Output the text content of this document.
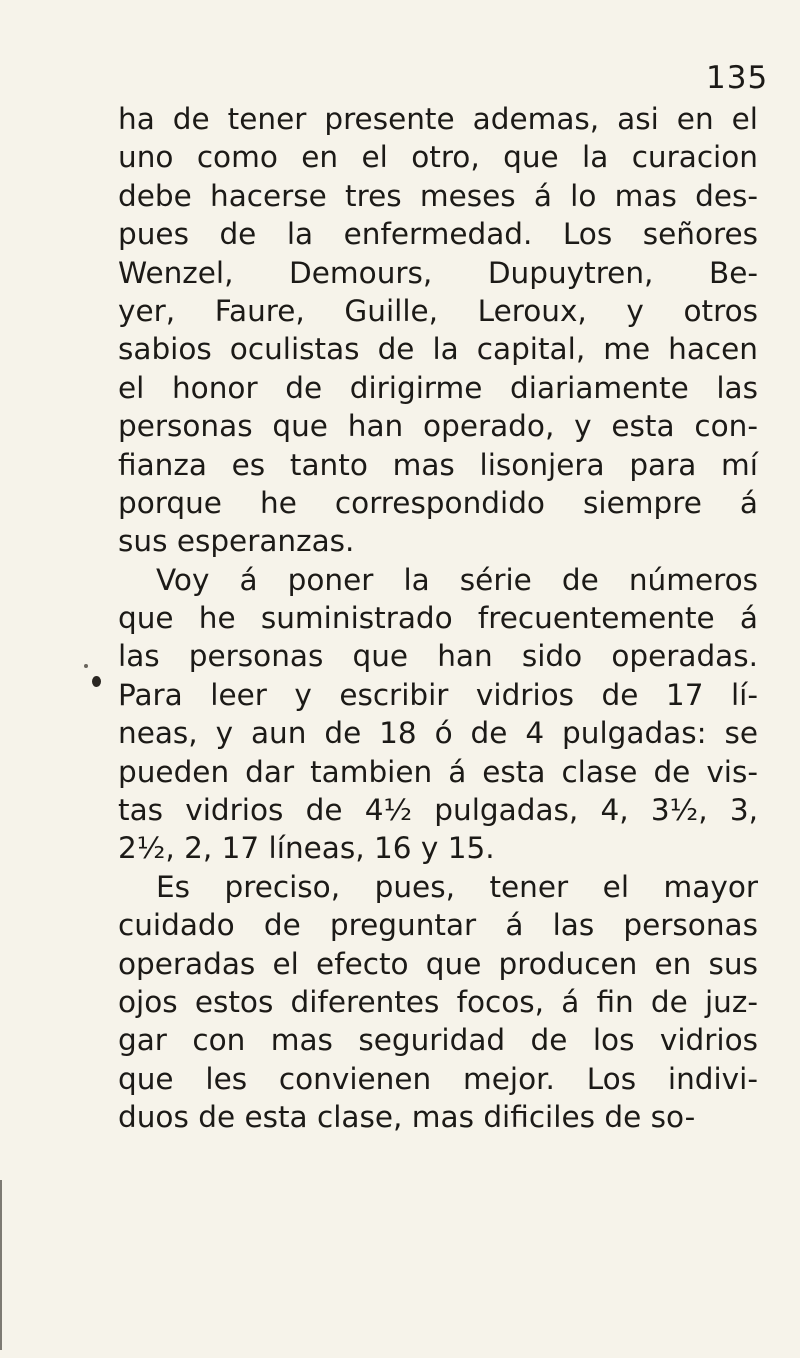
135
ha de tener presente ademas, asi en el
uno como en el otro, que la curacion
debe hacerse tres meses á lo mas des-
pues de la enfermedad. Los señores
Wenzel, Demours, Dupuytren, Be-
yer, Faure, Guille, Leroux, y otros
sabios oculistas de la capital, me hacen
el honor de dirigirme diariamente las
personas que han operado, y esta con-
fianza es tanto mas lisonjera para mí
porque he correspondido siempre á
sus esperanzas.
Voy á poner la série de números
que he suministrado frecuentemente á
las personas que han sido operadas.
Para leer y escribir vidrios de 17 lí-
neas, y aun de 18 ó de 4 pulgadas: se
pueden dar tambien á esta clase de vis-
tas vidrios de 4½ pulgadas, 4, 3½, 3,
2½, 2, 17 líneas, 16 y 15.
Es preciso, pues, tener el mayor
cuidado de preguntar á las personas
operadas el efecto que producen en sus
ojos estos diferentes focos, á fin de juz-
gar con mas seguridad de los vidrios
que les convienen mejor. Los indivi-
duos de esta clase, mas dificiles de so-
